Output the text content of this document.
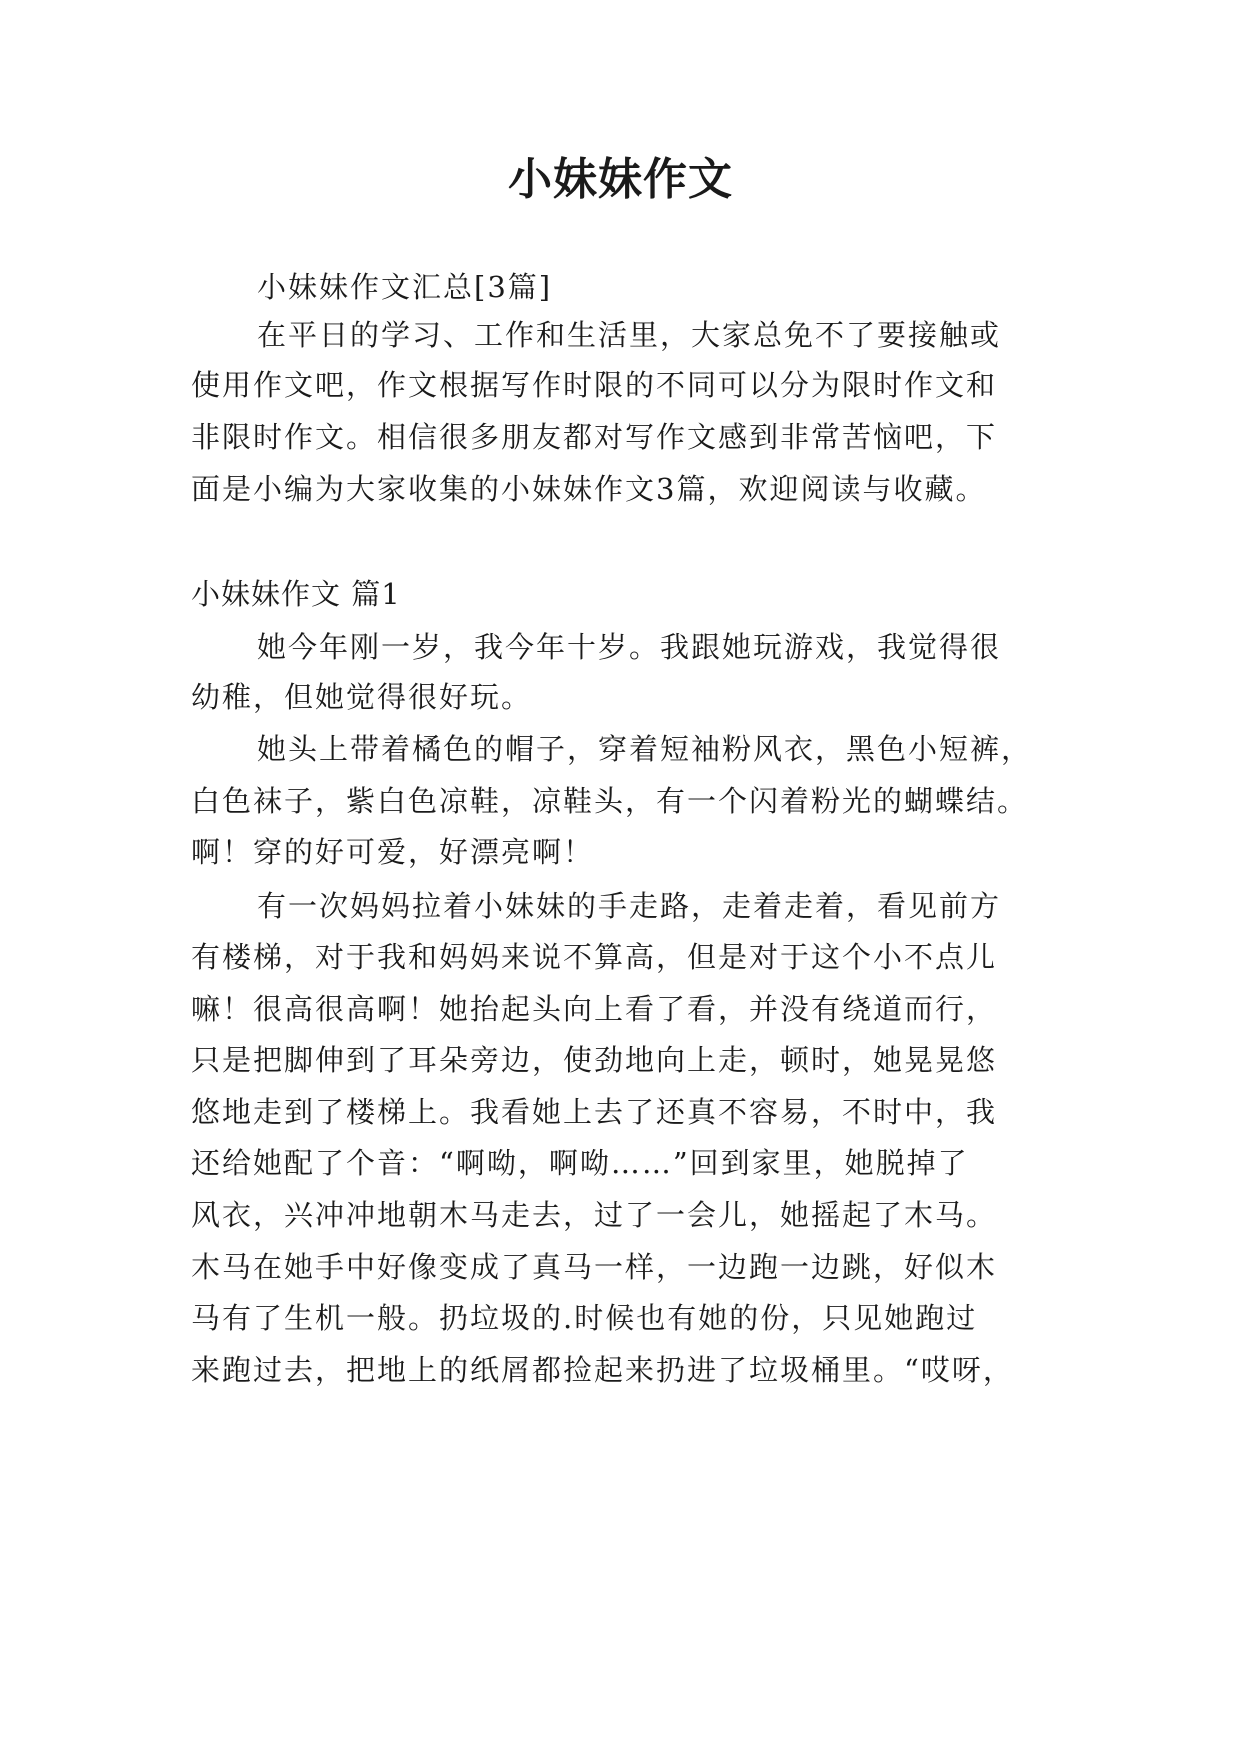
小妹妹作文
小妹妹作文汇总[3篇]
在平日的学习、工作和生活里，大家总免不了要接触或
使用作文吧，作文根据写作时限的不同可以分为限时作文和
非限时作文。相信很多朋友都对写作文感到非常苦恼吧，下
面是小编为大家收集的小妹妹作文3篇，欢迎阅读与收藏。
小妹妹作文 篇1
她今年刚一岁，我今年十岁。我跟她玩游戏，我觉得很
幼稚，但她觉得很好玩。
她头上带着橘色的帽子，穿着短袖粉风衣，黑色小短裤，
白色袜子，紫白色凉鞋，凉鞋头，有一个闪着粉光的蝴蝶结。
啊！穿的好可爱，好漂亮啊！
有一次妈妈拉着小妹妹的手走路，走着走着，看见前方
有楼梯，对于我和妈妈来说不算高，但是对于这个小不点儿
嘛！很高很高啊！她抬起头向上看了看，并没有绕道而行，
只是把脚伸到了耳朵旁边，使劲地向上走，顿时，她晃晃悠
悠地走到了楼梯上。我看她上去了还真不容易，不时中，我
还给她配了个音：“啊呦，啊呦……”回到家里，她脱掉了
风衣，兴冲冲地朝木马走去，过了一会儿，她摇起了木马。
木马在她手中好像变成了真马一样，一边跑一边跳，好似木
马有了生机一般。扔垃圾的.时候也有她的份，只见她跑过
来跑过去，把地上的纸屑都捡起来扔进了垃圾桶里。“哎呀，
